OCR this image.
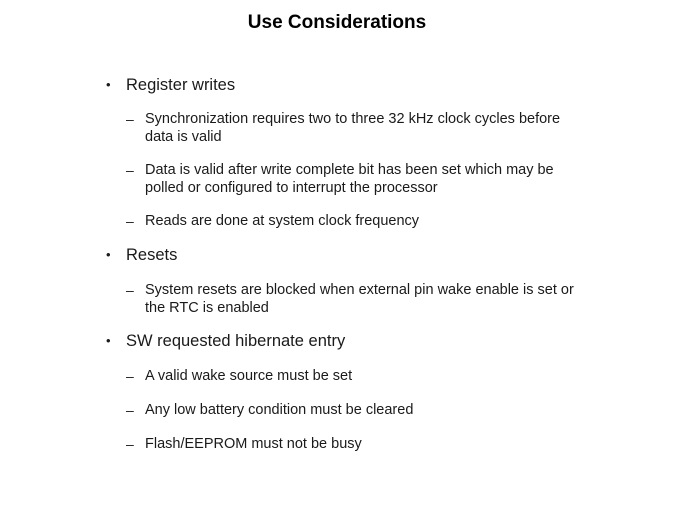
Use Considerations
• Register writes
– Synchronization requires two to three 32 kHz clock cycles before data is valid
– Data is valid after write complete bit has been set which may be polled or configured to interrupt the processor
– Reads are done at system clock frequency
• Resets
– System resets are blocked when external pin wake enable is set or the RTC is enabled
• SW requested hibernate entry
– A valid wake source must be set
– Any low battery condition must be cleared
– Flash/EEPROM must not be busy
